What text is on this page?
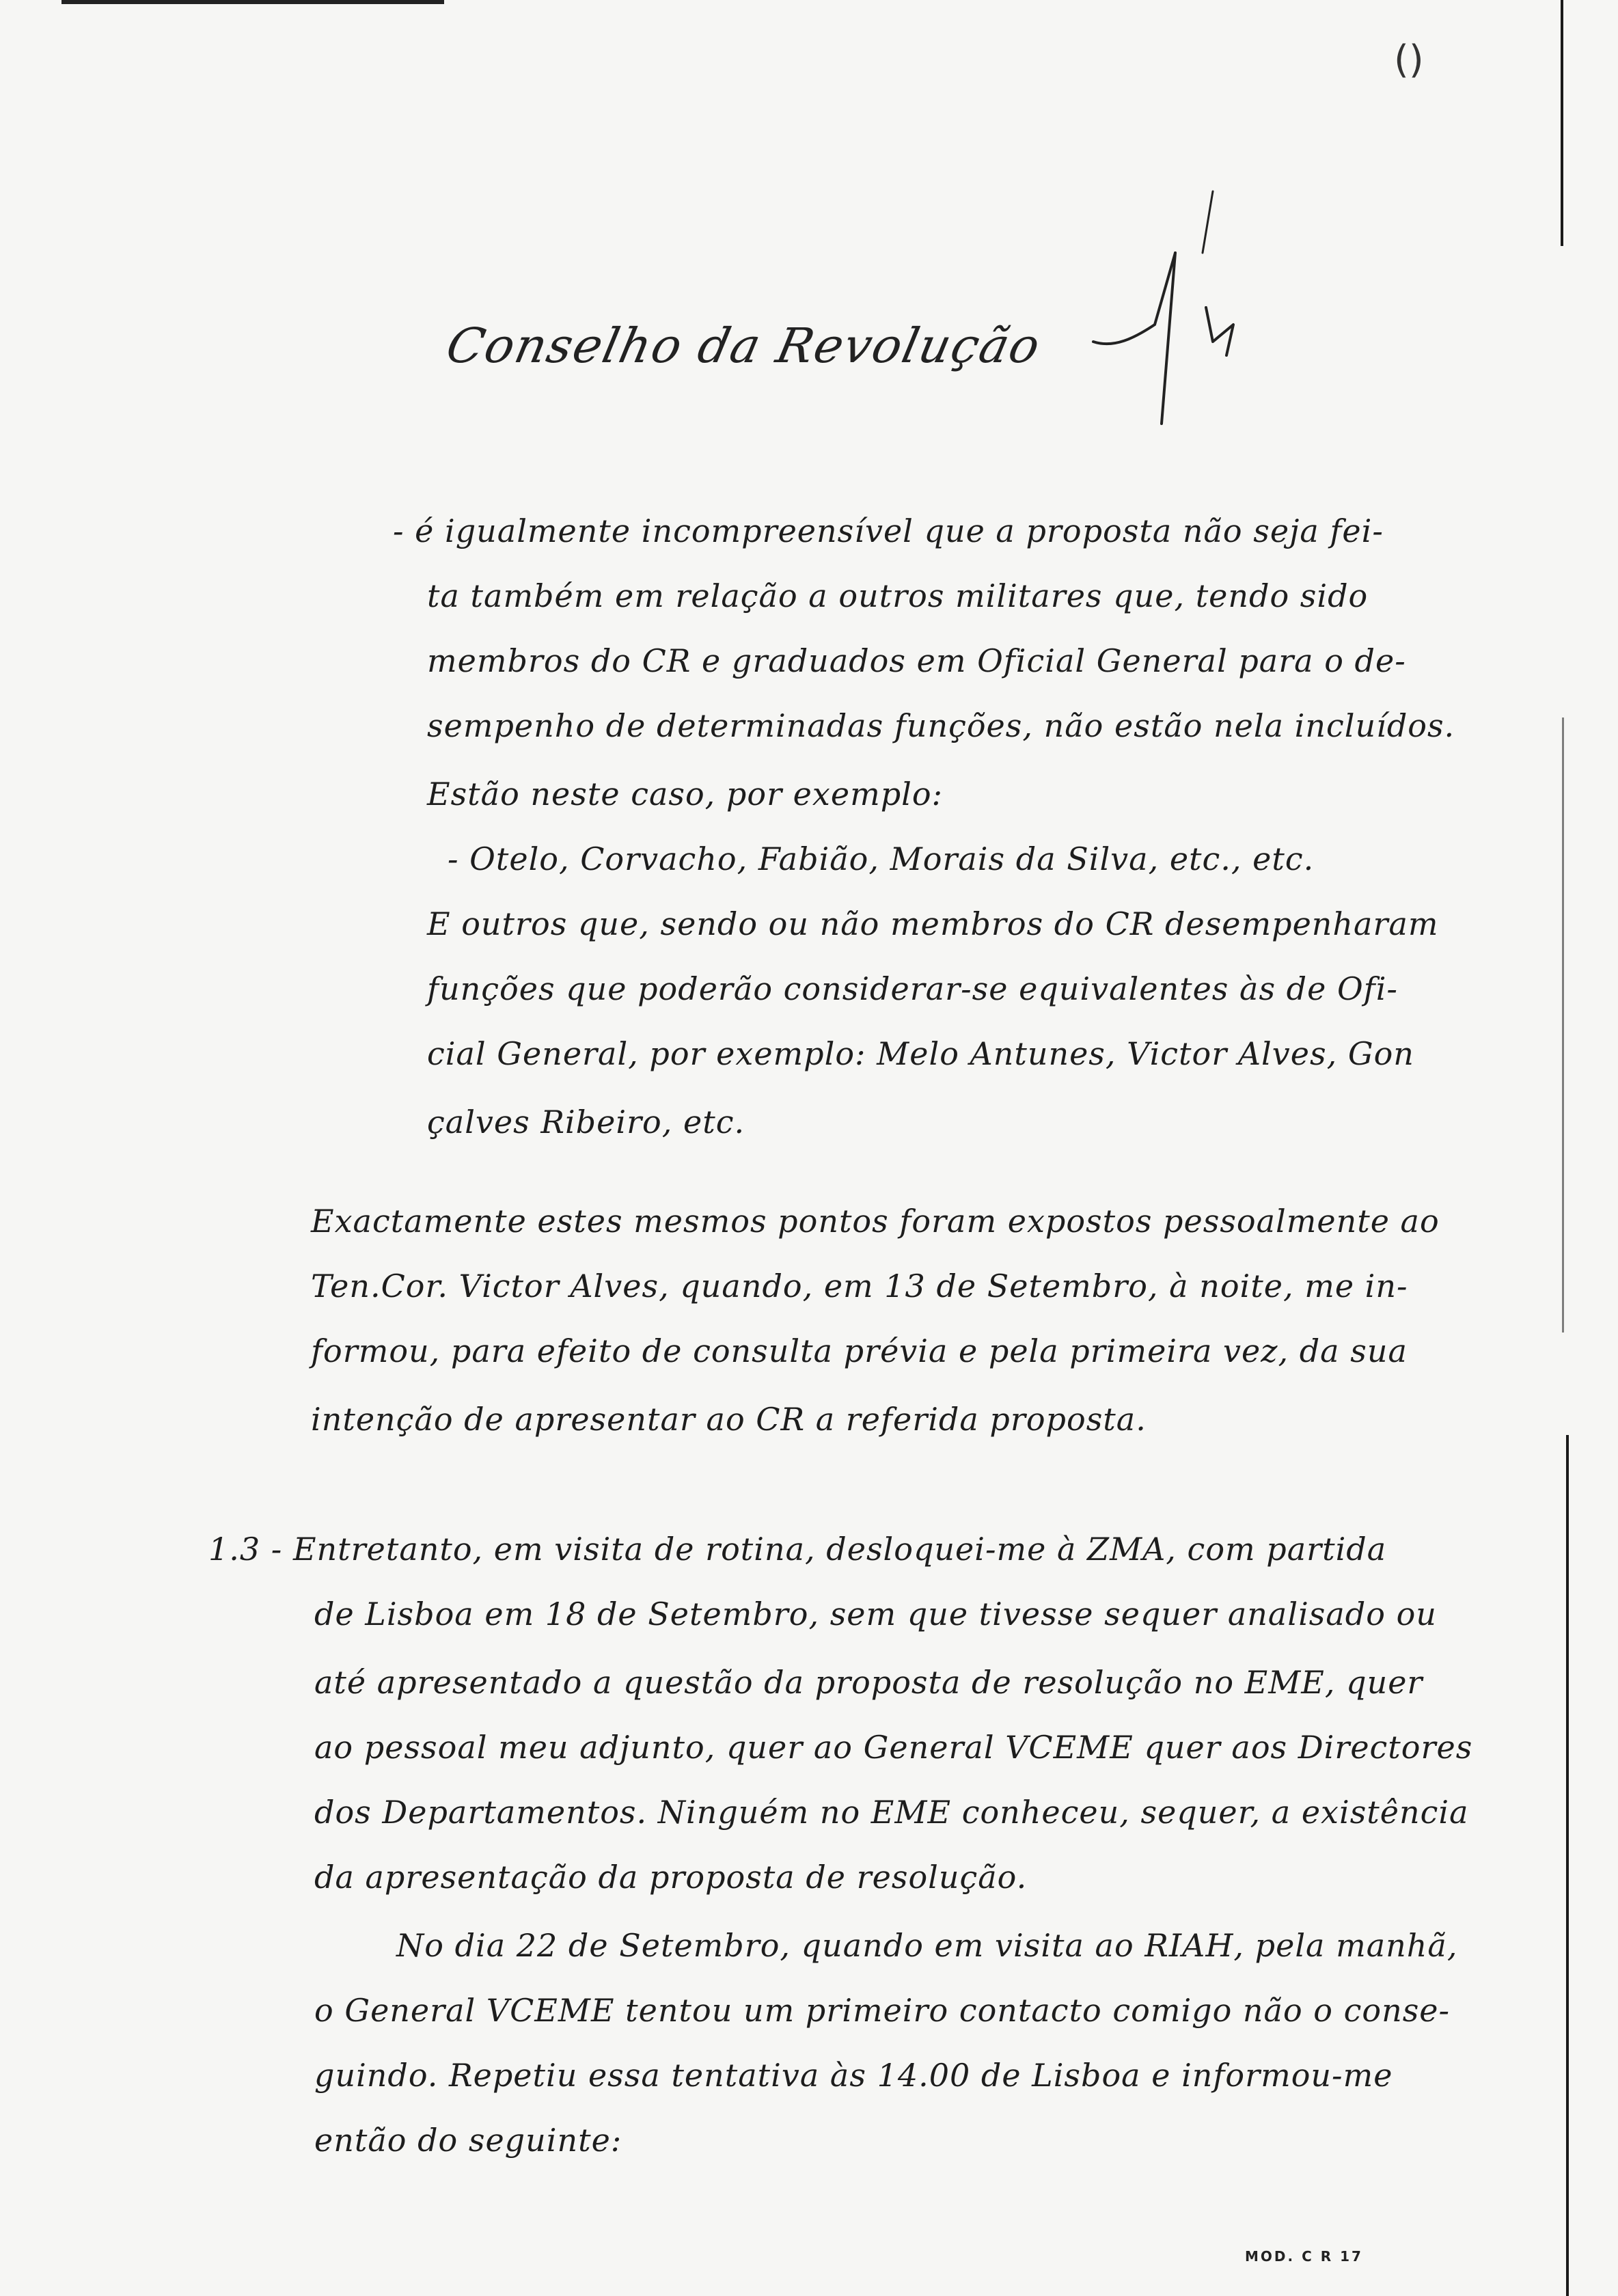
()
Conselho da Revolução
- é igualmente incompreensível que a proposta não seja fei-
ta também em relação a outros militares que, tendo sido
membros do CR e graduados em Oficial General para o de-
sempenho de determinadas funções, não estão nela incluídos.
Estão neste caso, por exemplo:
- Otelo, Corvacho, Fabião, Morais da Silva, etc., etc.
E outros que, sendo ou não membros do CR desempenharam
funções que poderão considerar-se equivalentes às de Ofi-
cial General, por exemplo: Melo Antunes, Victor Alves, Gon
çalves Ribeiro, etc.
Exactamente estes mesmos pontos foram expostos pessoalmente ao
Ten.Cor. Victor Alves, quando, em 13 de Setembro, à noite, me in-
formou, para efeito de consulta prévia e pela primeira vez, da sua
intenção de apresentar ao CR a referida proposta.
1.3 - Entretanto, em visita de rotina, desloquei-me à ZMA, com partida
de Lisboa em 18 de Setembro, sem que tivesse sequer analisado ou
até apresentado a questão da proposta de resolução no EME, quer
ao pessoal meu adjunto, quer ao General VCEME quer aos Directores
dos Departamentos. Ninguém no EME conheceu, sequer, a existência
da apresentação da proposta de resolução.
No dia 22 de Setembro, quando em visita ao RIAH, pela manhã,
o General VCEME tentou um primeiro contacto comigo não o conse-
guindo. Repetiu essa tentativa às 14.00 de Lisboa e informou-me
então do seguinte:
MOD. C R 17
